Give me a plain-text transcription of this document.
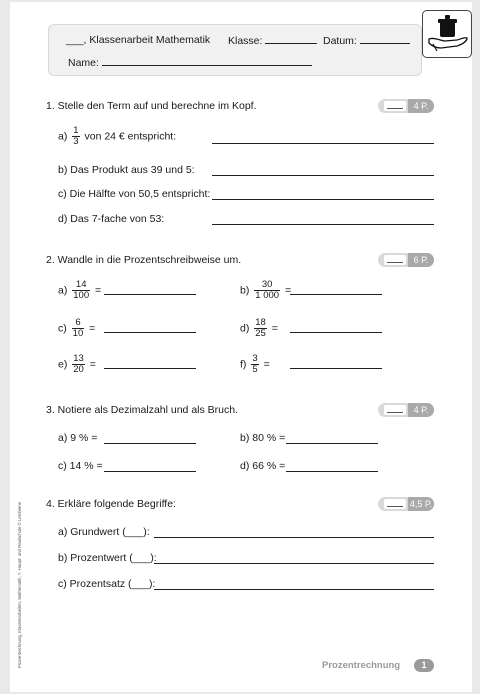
___, Klassenarbeit Mathematik Klasse:	Datum:
Name:
1. Stelle den Term auf und berechne im Kopf.	4 P.
$a) \frac{1}{3}$ von 24 € entspricht:
b) Das Produkt aus 39 und 5:
c) Die Hälfte von 50,5 entspricht:
d) Das 7-fache von 53:
2. Wandle in die Prozentschreibweise um.	6 P.
$a) \frac{14}{100}$ =	$b) \frac{30}{1 000}$ =
$c) \frac{6}{10}$ =	$d) \frac{18}{25}$ =
$e) \frac{13}{20}$ =	$f) \frac{3}{5}$ =
3. Notiere als Dezimalzahl und als Bruch.	4 P.
a) 9 % =	b) 80 % =
c) 14 % =	d) 66 % =
4. Erkläre folgende Begriffe:	4,5 P.
a) Grundwert (___):
b) Prozentwert (___):
c) Prozentsatz (___):
Prozentrechnung, Klassenarbeiten, Mathematik, 7. Haupt- und Realschule © Lernbiene	Prozentrechnung	1
